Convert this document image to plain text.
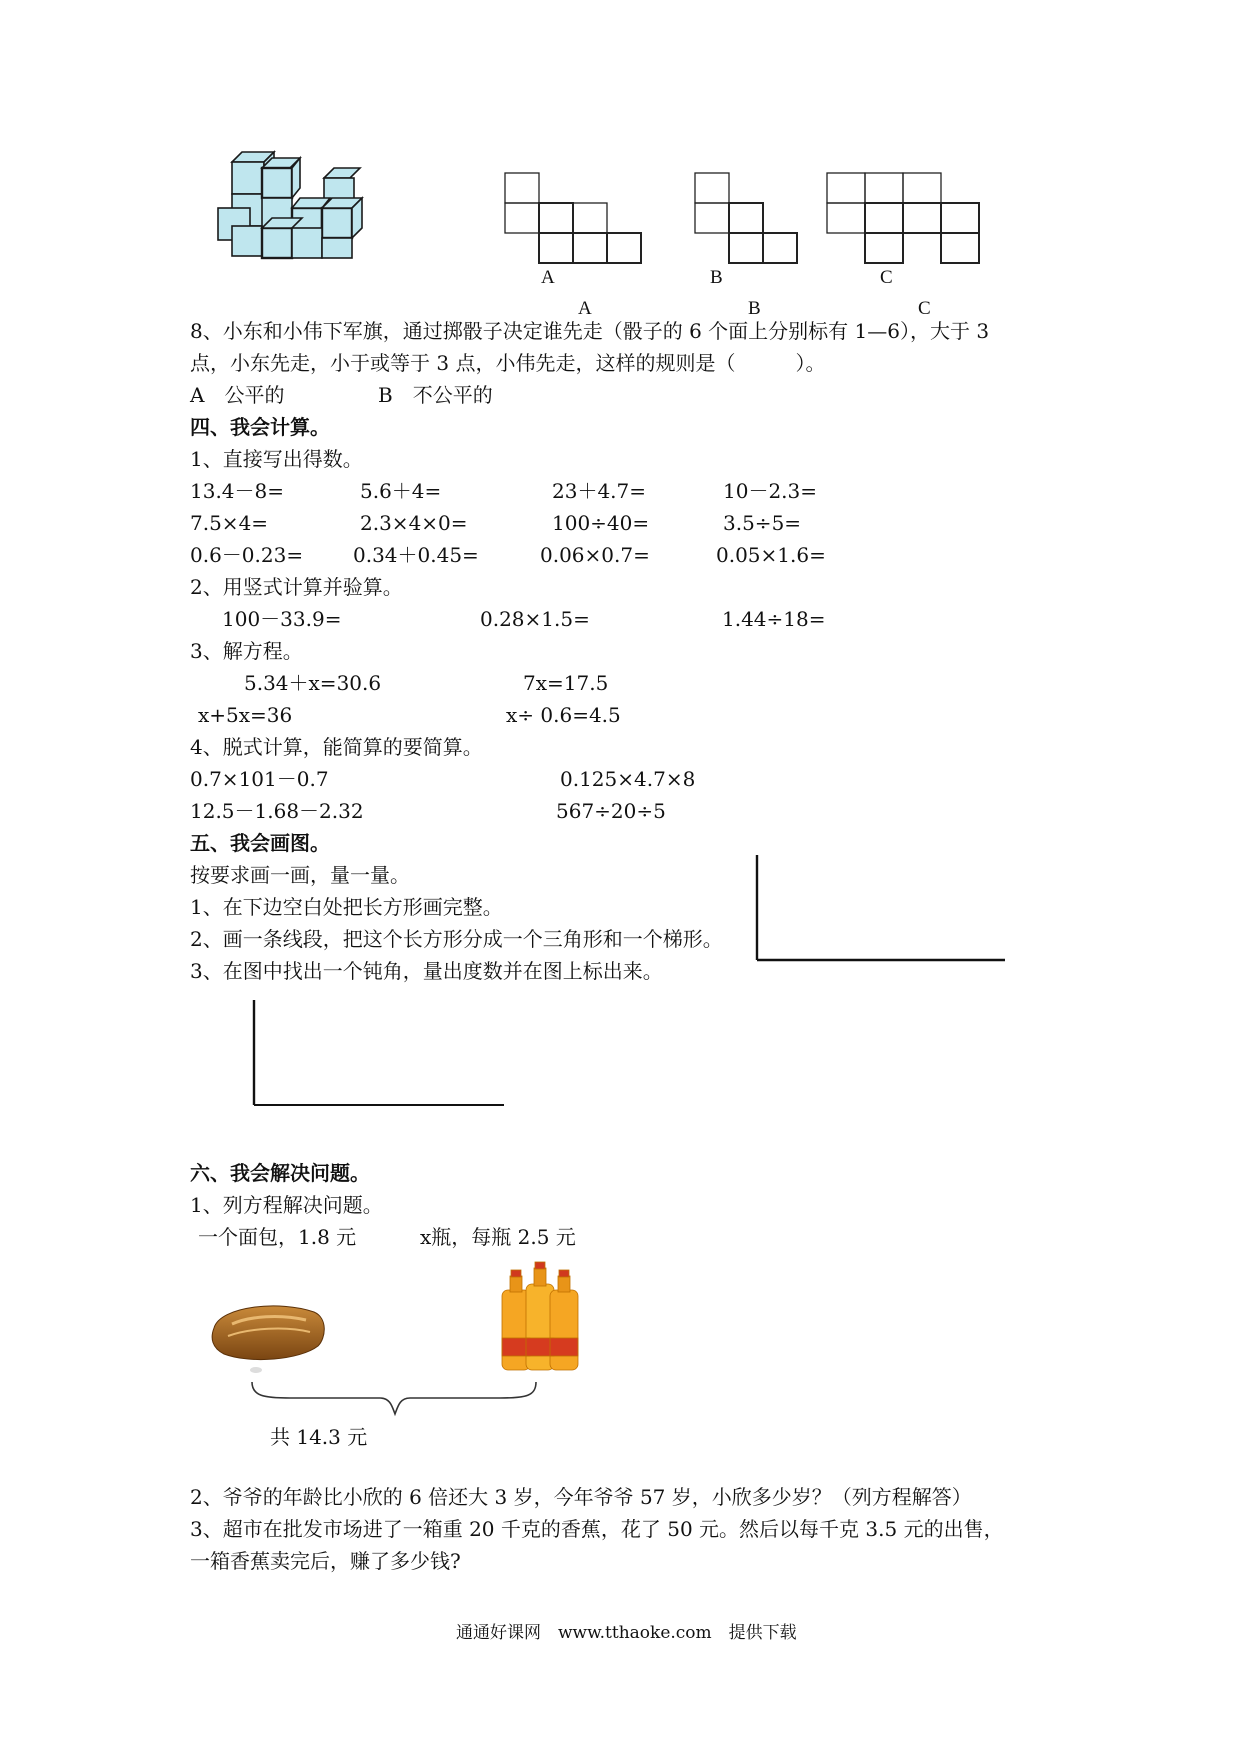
A	B	C
A	B	C
8、小东和小伟下军旗，通过掷骰子决定谁先走（骰子的 6 个面上分别标有 1—6），大于 3
点，小东先走，小于或等于 3 点，小伟先走，这样的规则是（　　　）。
A　公平的	B　不公平的
四、我会计算。
1、直接写出得数。
13.4－8=	5.6＋4=	23＋4.7=	10－2.3=
7.5×4=	2.3×4×0=	100÷40=	3.5÷5=
0.6－0.23= 0.34＋0.45=	0.06×0.7=	0.05×1.6=
2、用竖式计算并验算。
100－33.9=	0.28×1.5=	1.44÷18=
3、解方程。
5.34＋ⅹ=30.6	7ⅹ=17.5
ⅹ+5ⅹ=36	ⅹ÷ 0.6=4.5
4、脱式计算，能简算的要简算。
0.7×101－0.7	0.125×4.7×8
12.5－1.68－2.32	567÷20÷5
五、我会画图。
按要求画一画，量一量。
1、在下边空白处把长方形画完整。
2、画一条线段，把这个长方形分成一个三角形和一个梯形。
3、在图中找出一个钝角，量出度数并在图上标出来。
六、我会解决问题。
1、列方程解决问题。
一个面包，1.8 元	ⅹ瓶，每瓶 2.5 元
共 14.3 元
2、爷爷的年龄比小欣的 6 倍还大 3 岁，今年爷爷 57 岁，小欣多少岁？（列方程解答）
3、超市在批发市场进了一箱重 20 千克的香蕉，花了 50 元。然后以每千克 3.5 元的出售，
一箱香蕉卖完后，赚了多少钱?
通通好课网　www.tthaoke.com　提供下载
